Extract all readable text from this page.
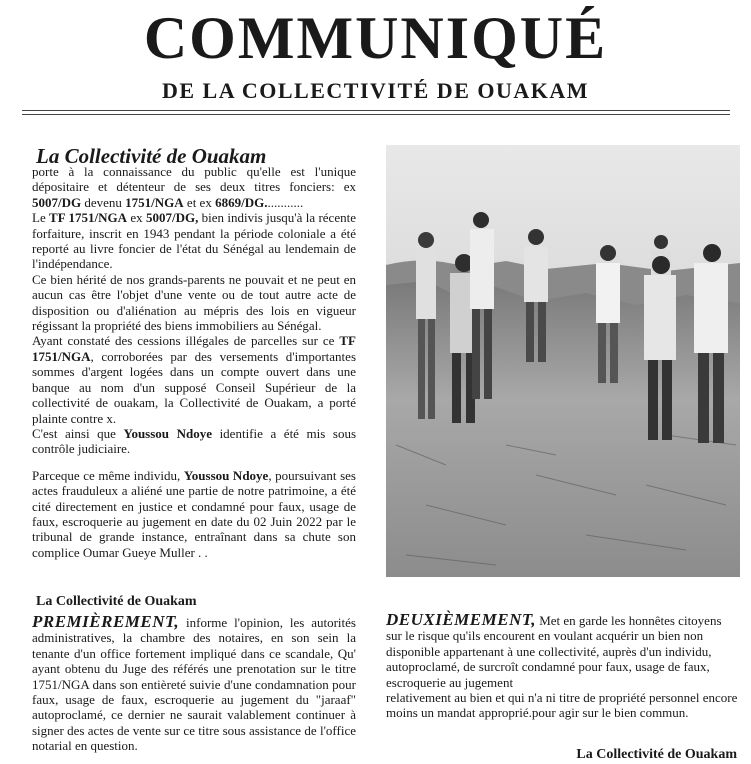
COMMUNIQUÉ
DE LA COLLECTIVITÉ DE OUAKAM
La Collectivité de Ouakam

porte à la connaissance du public qu'elle est l'unique dépositaire et détenteur de ses deux titres fonciers: ex 5007/DG devenu 1751/NGA et ex 6869/DG............

Le TF 1751/NGA ex 5007/DG, bien indivis jusqu'à la récente forfaiture, inscrit en 1943 pendant la période coloniale a été reporté au livre foncier de l'état du Sénégal au lendemain de l'indépendance.

Ce bien hérité de nos grands-parents ne pouvait et ne peut en aucun cas être l'objet d'une vente ou de tout autre acte de disposition ou d'aliénation au mépris des lois en vigueur régissant la propriété des biens immobiliers au Sénégal.

Ayant constaté des cessions illégales de parcelles sur ce TF 1751/NGA, corroborées par des versements d'importantes sommes d'argent logées dans un compte ouvert dans une banque au nom d'un supposé Conseil Supérieur de la collectivité de ouakam, la Collectivité de Ouakam, a porté plainte contre x.

C'est ainsi que Youssou Ndoye identifie a été mis sous contrôle judiciaire.

Parceque ce même individu, Youssou Ndoye, poursuivant ses actes frauduleux a aliéné une partie de notre patrimoine, a été cité directement en justice et condamné pour faux, usage de faux, escroquerie au jugement en date du 02 Juin 2022 par le tribunal de grande instance, entraînant dans sa chute son complice Oumar Gueye Muller . .

La Collectivité de Ouakam

PREMIÈREMENT, informe l'opinion, les autorités administratives, la chambre des notaires, en son sein la tenante d'un office fortement impliqué dans ce scandale, Qu' ayant obtenu du Juge des référés une prenotation sur le titre 1751/NGA dans son entièreté suivie d'une condamnation pour faux, usage de faux, escroquerie au jugement du "jaraaf" autoproclamé, ce dernier ne saurait valablement continuer à signer des actes de vente sur ce titre sous assistance de l'office notarial en question.

DEUXIÈMEMENT, Met en garde les honnêtes citoyens sur le risque qu'ils encourent en voulant acquérir un bien non disponible appartenant à une collectivité, auprès d'un individu, autoproclamé, de surcroît condamné pour faux, usage de faux, escroquerie au jugement

relativement au bien et qui n'a ni titre de propriété personnel encore moins un mandat approprié.pour agir sur le bien commun.

La Collectivité de Ouakam
